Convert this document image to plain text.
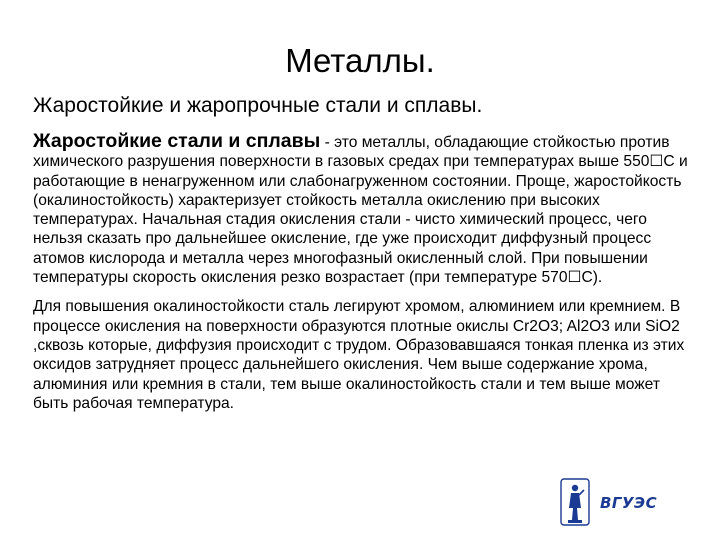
Металлы.
Жаростойкие и жаропрочные стали и сплавы.

Жаростойкие стали и сплавы - это металлы, обладающие стойкостью против химического разрушения поверхности в газовых средах при температурах выше 550☐С и работающие в ненагруженном или слабонагруженном состоянии. Проще, жаростойкость (окалиностойкость) характеризует стойкость металла окислению при высоких температурах. Начальная стадия окисления стали - чисто химический процесс, чего нельзя сказать про дальнейшее окисление, где уже происходит диффузный процесс атомов кислорода и металла через многофазный окисленный слой. При повышении температуры скорость окисления резко возрастает (при температуре 570☐С).

Для повышения окалиностойкости сталь легируют хромом, алюминием или кремнием. В процессе окисления на поверхности образуются плотные окислы Cr2O3; Al2O3 или SiO2 ,сквозь которые, диффузия происходит с трудом. Образовавшаяся тонкая пленка из этих оксидов затрудняет процесс дальнейшего окисления. Чем выше содержание хрома, алюминия или кремния в стали, тем выше окалиностойкость стали и тем выше может быть рабочая температура.

ВГУЭС
